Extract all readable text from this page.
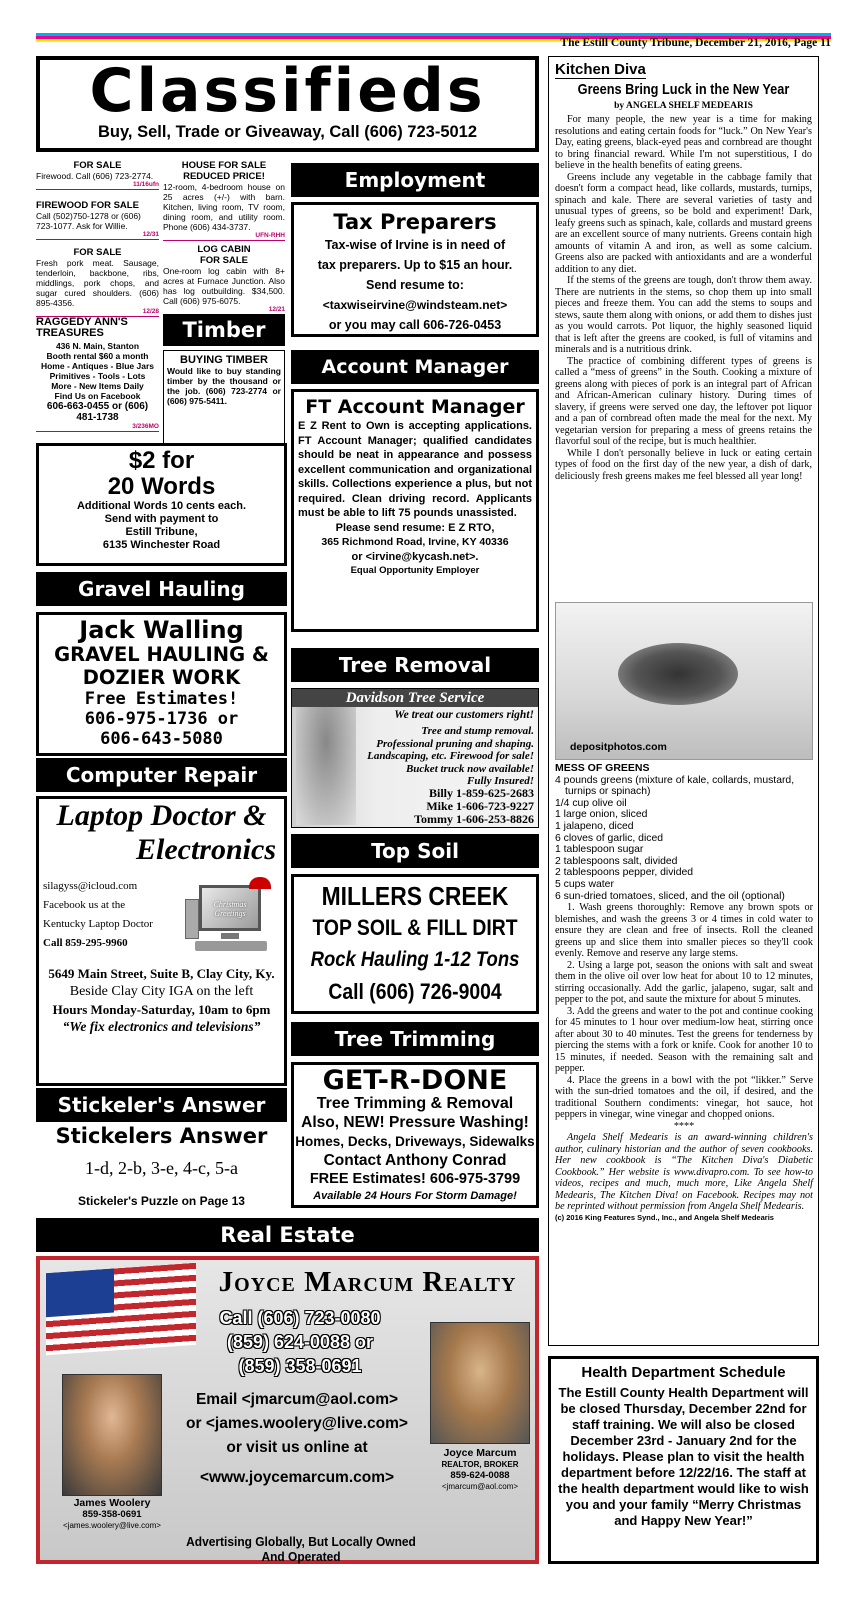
The Estill County Tribune, December 21, 2016, Page 11
Classifieds
Buy, Sell, Trade or Giveaway, Call (606) 723-5012
FOR SALE
Firewood. Call (606) 723-2774.
11/16ufn
FIREWOOD FOR SALE
Call (502)750-1278 or (606) 723-1077. Ask for Willie.
12/31
FOR SALE
Fresh pork meat. Sausage, tenderloin, backbone, ribs, middlings, pork chops, and sugar cured shoulders. (606) 895-4356.
12/28
RAGGEDY ANN'S TREASURES
436 N. Main, Stanton
Booth rental $60 a month
Home - Antiques - Blue Jars
Primitives - Tools - Lots
More - New Items Daily
Find Us on Facebook
606-663-0455 or (606) 481-1738
3/236MO
HOUSE FOR SALE
REDUCED PRICE!
12-room, 4-bedroom house on 25 acres (+/-) with barn. Kitchen, living room, TV room, dining room, and utility room. Phone (606) 434-3737.
UFN-RHH
LOG CABIN
FOR SALE
One-room log cabin with 8+ acres at Furnace Junction. Also has log outbuilding. $34,500. Call (606) 975-6075.
12/21
Timber
BUYING TIMBER
Would like to buy standing timber by the thousand or the job. (606) 723-2774 or (606) 975-5411.
$2 for
20 Words
Additional Words 10 cents each.
Send with payment to
Estill Tribune,
6135 Winchester Road
Gravel Hauling
Jack Walling
GRAVEL HAULING &
DOZIER WORK
Free Estimates!
606-975-1736 or
606-643-5080
Computer Repair
Laptop Doctor &
Electronics
silagyss@icloud.com
Facebook us at the
Kentucky Laptop Doctor
Call 859-295-9960
Christmas Greetings
5649 Main Street, Suite B, Clay City, Ky.
Beside Clay City IGA on the left
Hours Monday-Saturday, 10am to 6pm
“We fix electronics and televisions”
Stickeler's Answer
Stickelers Answer
1-d, 2-b, 3-e, 4-c, 5-a
Stickeler's Puzzle on Page 13
Employment
Tax Preparers
Tax-wise of Irvine is in need of
tax preparers. Up to $15 an hour.
Send resume to:
<taxwiseirvine@windsteam.net>
or you may call 606-726-0453
Account Manager
FT Account Manager
E Z Rent to Own is accepting applications. FT Account Manager; qualified candidates should be neat in appearance and possess excellent communication and organizational skills. Collections experience a plus, but not required. Clean driving record. Applicants must be able to lift 75 pounds unassisted.
Please send resume: E Z RTO,
365 Richmond Road, Irvine, KY 40336
or <irvine@kycash.net>.
Equal Opportunity Employer
Tree Removal
Davidson Tree Service
We treat our customers right!
Tree and stump removal.
Professional pruning and shaping.
Landscaping, etc. Firewood for sale!
Bucket truck now available!
Fully Insured!
Billy 1-859-625-2683
Mike 1-606-723-9227
Tommy 1-606-253-8826
Top Soil
MILLERS CREEK
TOP SOIL & FILL DIRT
Rock Hauling 1-12 Tons
Call (606) 726-9004
Tree Trimming
GET-R-DONE
Tree Trimming & Removal
Also, NEW! Pressure Washing!
Homes, Decks, Driveways, Sidewalks
Contact Anthony Conrad
FREE Estimates! 606-975-3799
Available 24 Hours For Storm Damage!
Real Estate
Joyce Marcum Realty
Call (606) 723-0080
(859) 624-0088 or
(859) 358-0691
Joyce Marcum
REALTOR, BROKER
859-624-0088
<jmarcum@aol.com>
James Woolery
859-358-0691
<james.woolery@live.com>
Email <jmarcum@aol.com>
or <james.woolery@live.com>
or visit us online at
<www.joycemarcum.com>
Advertising Globally, But Locally Owned And Operated
Kitchen Diva
Greens Bring Luck in the New Year
by ANGELA SHELF MEDEARIS

For many people, the new year is a time for making resolutions and eating certain foods for “luck.” On New Year's Day, eating greens, black-eyed peas and cornbread are thought to bring financial reward. While I'm not superstitious, I do believe in the health benefits of eating greens.

Greens include any vegetable in the cabbage family that doesn't form a compact head, like collards, mustards, turnips, spinach and kale. There are several varieties of tasty and unusual types of greens, so be bold and experiment! Dark, leafy greens such as spinach, kale, collards and mustard greens are an excellent source of many nutrients. Greens contain high amounts of vitamin A and iron, as well as some calcium. Greens also are packed with antioxidants and are a wonderful addition to any diet.

If the stems of the greens are tough, don't throw them away. There are nutrients in the stems, so chop them up into small pieces and freeze them. You can add the stems to soups and stews, saute them along with onions, or add them to dishes just as you would carrots. Pot liquor, the highly seasoned liquid that is left after the greens are cooked, is full of vitamins and minerals and is a nutritious drink.

The practice of combining different types of greens is called a “mess of greens” in the South. Cooking a mixture of greens along with pieces of pork is an integral part of African and African-American culinary history. During times of slavery, if greens were served one day, the leftover pot liquor and a pan of cornbread often made the meal for the next. My vegetarian version for preparing a mess of greens retains the flavorful soul of the recipe, but is much healthier.

While I don't personally believe in luck or eating certain types of food on the first day of the new year, a dish of dark, deliciously fresh greens makes me feel blessed all year long!

depositphotos.com
MESS OF GREENS
4 pounds greens (mixture of kale, collards, mustard, turnips or spinach)
1/4 cup olive oil
1 large onion, sliced
1 jalapeno, diced
6 cloves of garlic, diced
1 tablespoon sugar
2 tablespoons salt, divided
2 tablespoons pepper, divided
5 cups water
6 sun-dried tomatoes, sliced, and the oil (optional)

1. Wash greens thoroughly: Remove any brown spots or blemishes, and wash the greens 3 or 4 times in cold water to ensure they are clean and free of insects. Roll the cleaned greens up and slice them into smaller pieces so they'll cook evenly. Remove and reserve any large stems.

2. Using a large pot, season the onions with salt and sweat them in the olive oil over low heat for about 10 to 12 minutes, stirring occasionally. Add the garlic, jalapeno, sugar, salt and pepper to the pot, and saute the mixture for about 5 minutes.

3. Add the greens and water to the pot and continue cooking for 45 minutes to 1 hour over medium-low heat, stirring once after about 30 to 40 minutes. Test the greens for tenderness by piercing the stems with a fork or knife. Cook for another 10 to 15 minutes, if needed. Season with the remaining salt and pepper.

4. Place the greens in a bowl with the pot “likker.” Serve with the sun-dried tomatoes and the oil, if desired, and the traditional Southern condiments: vinegar, hot sauce, hot peppers in vinegar, wine vinegar and chopped onions.

****

Angela Shelf Medearis is an award-winning children's author, culinary historian and the author of seven cookbooks. Her new cookbook is “The Kitchen Diva's Diabetic Cookbook.” Her website is www.divapro.com. To see how-to videos, recipes and much, much more, Like Angela Shelf Medearis, The Kitchen Diva! on Facebook. Recipes may not be reprinted without permission from Angela Shelf Medearis.

(c) 2016 King Features Synd., Inc., and Angela Shelf Medearis
Health Department Schedule
The Estill County Health Department will be closed Thursday, December 22nd for staff training. We will also be closed December 23rd - January 2nd for the holidays. Please plan to visit the health department before 12/22/16. The staff at the health department would like to wish you and your family “Merry Christmas and Happy New Year!”
